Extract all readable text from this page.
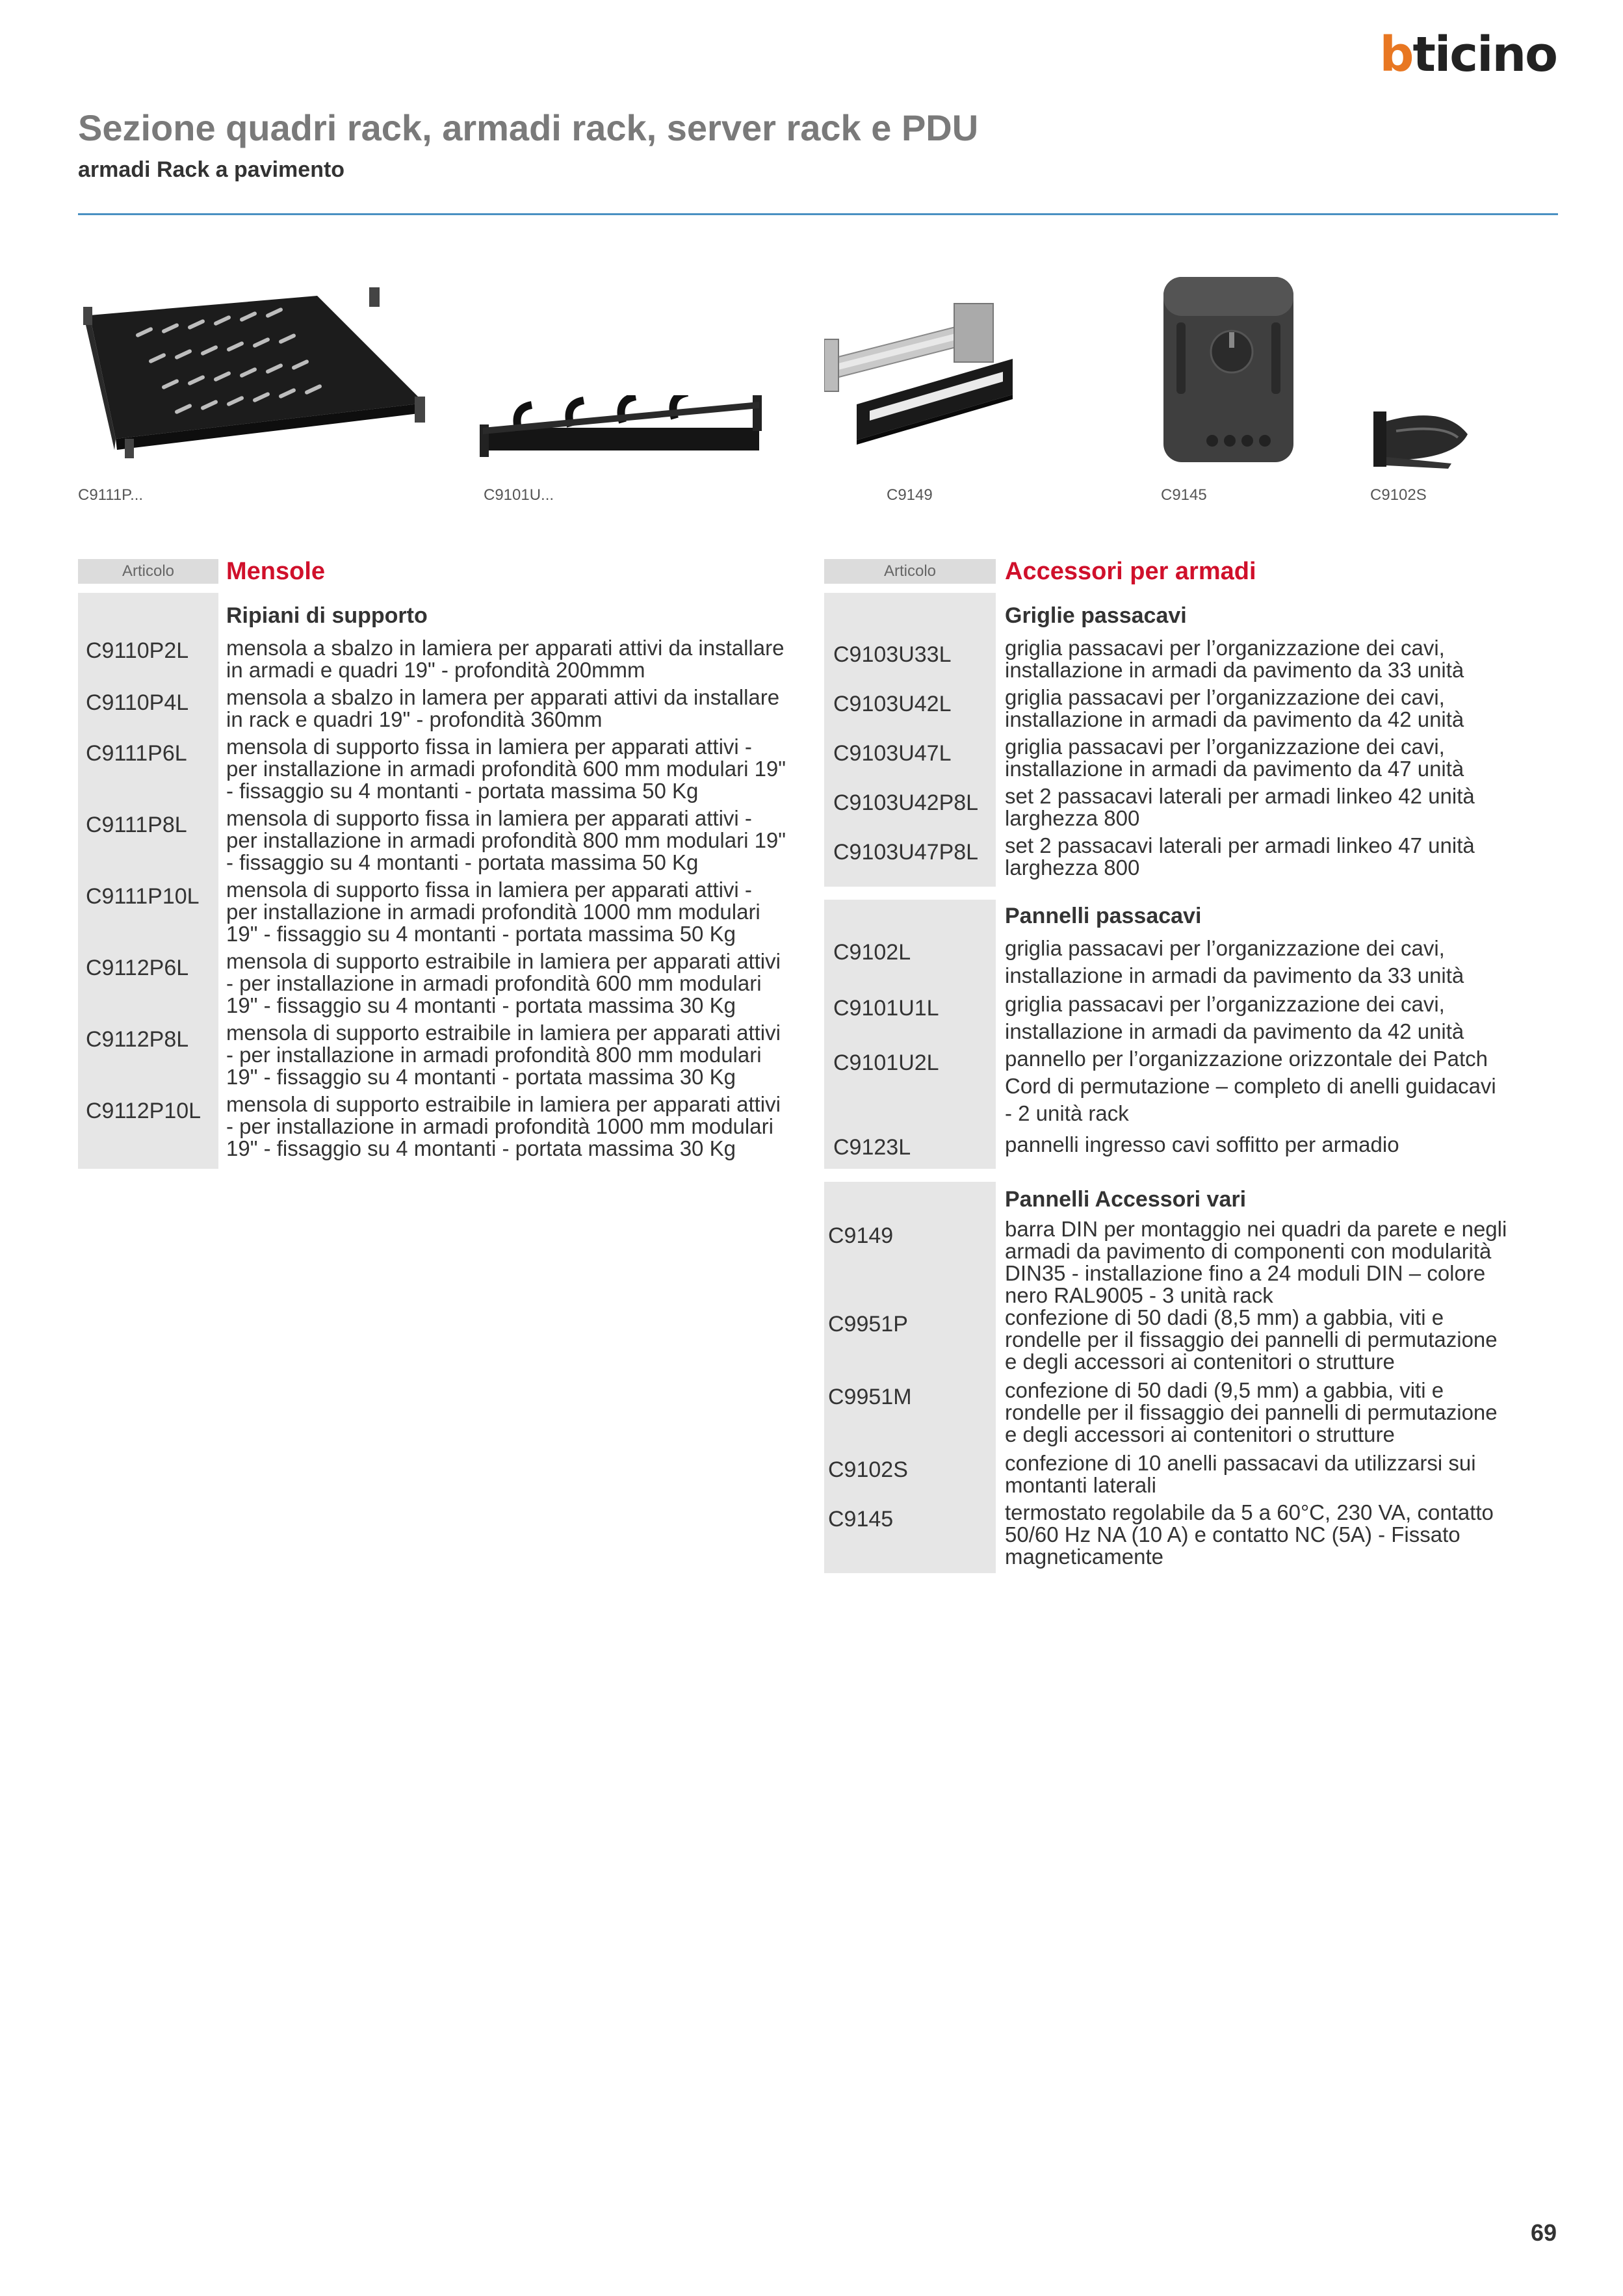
b ticino
Sezione quadri rack, armadi rack, server rack e PDU
armadi Rack a pavimento
C9111P...	C9101U...	C9149	C9145	C9102S
Articolo	Mensole
Ripiani di supporto
C9110P2L mensola a sbalzo in lamiera per apparati attivi da installare
in armadi e quadri 19" - profondità 200mmm
C9110P4L mensola a sbalzo in lamera per apparati attivi da installare
in rack e quadri 19" - profondità 360mm
C9111P6L mensola di supporto fissa in lamiera per apparati attivi -
per installazione in armadi profondità 600 mm modulari 19"
- fissaggio su 4 montanti - portata massima 50 Kg
C9111P8L mensola di supporto fissa in lamiera per apparati attivi -
per installazione in armadi profondità 800 mm modulari 19"
- fissaggio su 4 montanti - portata massima 50 Kg
C9111P10L mensola di supporto fissa in lamiera per apparati attivi -
per installazione in armadi profondità 1000 mm modulari
19" - fissaggio su 4 montanti - portata massima 50 Kg
C9112P6L mensola di supporto estraibile in lamiera per apparati attivi
- per installazione in armadi profondità 600 mm modulari
19" - fissaggio su 4 montanti - portata massima 30 Kg
C9112P8L mensola di supporto estraibile in lamiera per apparati attivi
- per installazione in armadi profondità 800 mm modulari
19" - fissaggio su 4 montanti - portata massima 30 Kg
C9112P10L mensola di supporto estraibile in lamiera per apparati attivi
- per installazione in armadi profondità 1000 mm modulari
19" - fissaggio su 4 montanti - portata massima 30 Kg
Articolo	Accessori per armadi
Griglie passacavi
C9103U33L	griglia passacavi per l’organizzazione dei cavi,
installazione in armadi da pavimento da 33 unità
C9103U42L	griglia passacavi per l’organizzazione dei cavi,
installazione in armadi da pavimento da 42 unità
C9103U47L	griglia passacavi per l’organizzazione dei cavi,
installazione in armadi da pavimento da 47 unità
C9103U42P8L set 2 passacavi laterali per armadi linkeo 42 unità
larghezza 800
C9103U47P8L set 2 passacavi laterali per armadi linkeo 47 unità
larghezza 800
Pannelli passacavi
C9102L	griglia passacavi per l’organizzazione dei cavi,
installazione in armadi da pavimento da 33 unità
C9101U1L	griglia passacavi per l’organizzazione dei cavi,
installazione in armadi da pavimento da 42 unità
C9101U2L	pannello per l’organizzazione orizzontale dei Patch
Cord di permutazione – completo di anelli guidacavi
- 2 unità rack
C9123L	pannelli ingresso cavi soffitto per armadio
Pannelli Accessori vari
C9149	barra DIN per montaggio nei quadri da parete e negli
armadi da pavimento di componenti con modularità
DIN35 - installazione fino a 24 moduli DIN – colore
nero RAL9005 - 3 unità rack
C9951P	confezione di 50 dadi (8,5 mm) a gabbia, viti e
rondelle per il fissaggio dei pannelli di permutazione
e degli accessori ai contenitori o strutture
C9951M	confezione di 50 dadi (9,5 mm) a gabbia, viti e
rondelle per il fissaggio dei pannelli di permutazione
e degli accessori ai contenitori o strutture
C9102S	confezione di 10 anelli passacavi da utilizzarsi sui
montanti laterali
C9145	termostato regolabile da 5 a 60°C, 230 VA, contatto
50/60 Hz NA (10 A) e contatto NC (5A) - Fissato
magneticamente
69
